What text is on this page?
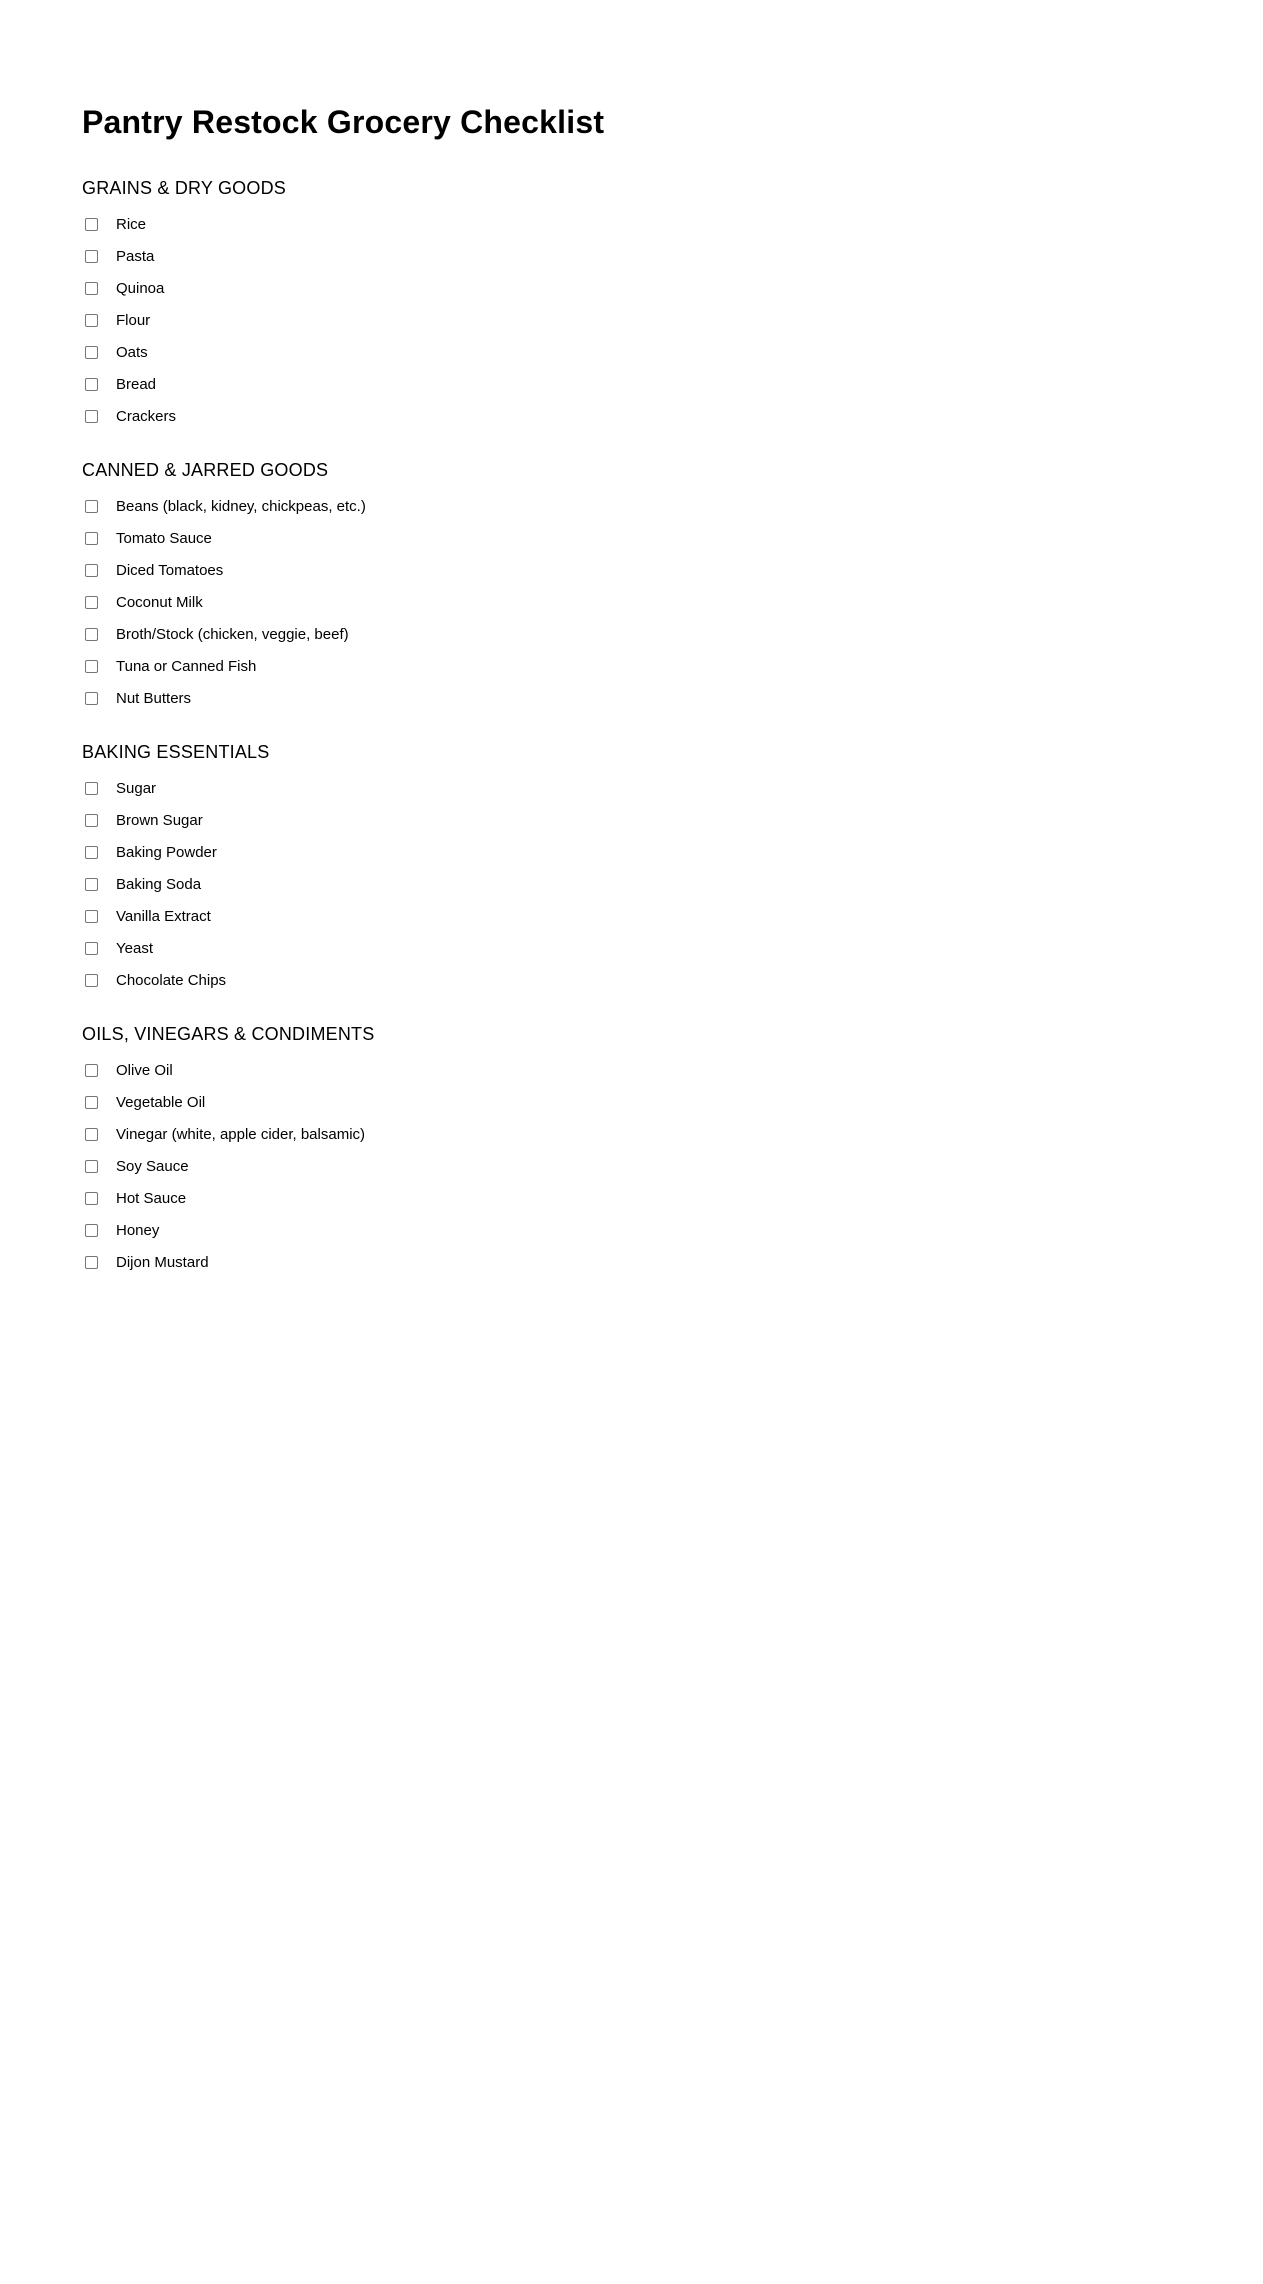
Pantry Restock Grocery Checklist
GRAINS & DRY GOODS
Rice
Pasta
Quinoa
Flour
Oats
Bread
Crackers
CANNED & JARRED GOODS
Beans (black, kidney, chickpeas, etc.)
Tomato Sauce
Diced Tomatoes
Coconut Milk
Broth/Stock (chicken, veggie, beef)
Tuna or Canned Fish
Nut Butters
BAKING ESSENTIALS
Sugar
Brown Sugar
Baking Powder
Baking Soda
Vanilla Extract
Yeast
Chocolate Chips
OILS, VINEGARS & CONDIMENTS
Olive Oil
Vegetable Oil
Vinegar (white, apple cider, balsamic)
Soy Sauce
Hot Sauce
Honey
Dijon Mustard
